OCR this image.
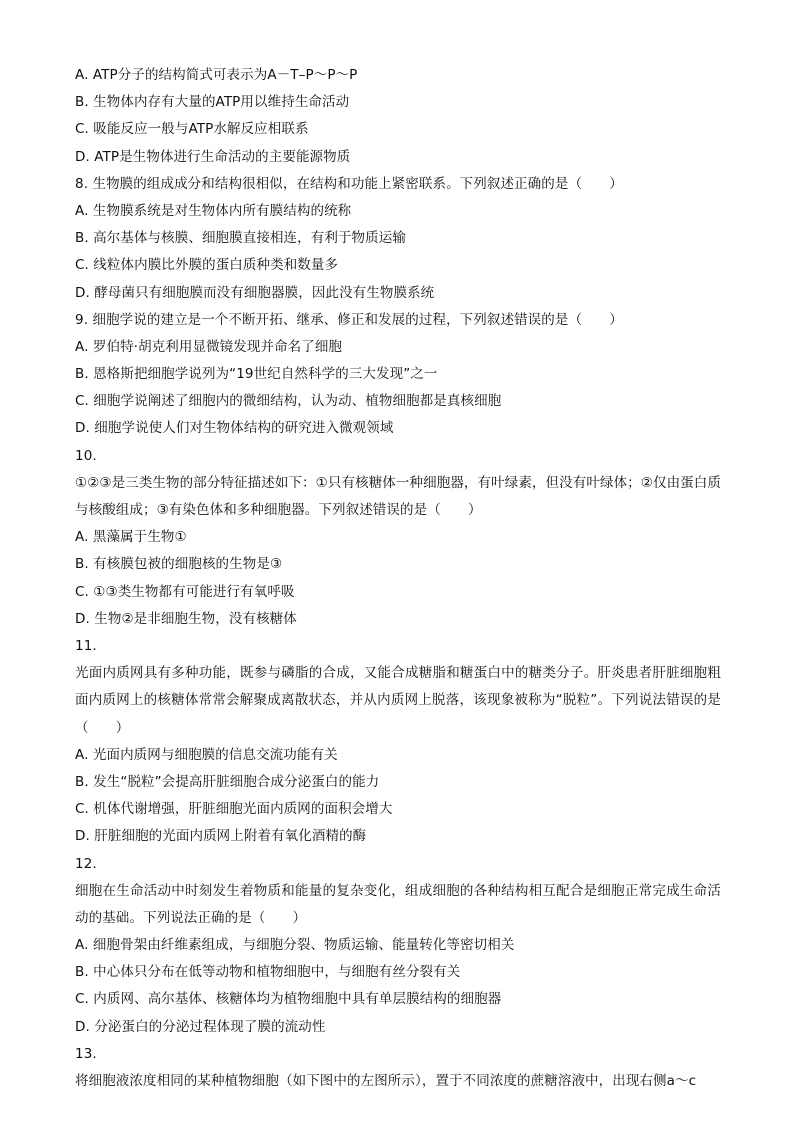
A. ATP分子的结构简式可表示为A－T–P～P～P
B. 生物体内存有大量的ATP用以维持生命活动
C. 吸能反应一般与ATP水解反应相联系
D. ATP是生物体进行生命活动的主要能源物质
8. 生物膜的组成成分和结构很相似，在结构和功能上紧密联系。下列叙述正确的是（　　）
A. 生物膜系统是对生物体内所有膜结构的统称
B. 高尔基体与核膜、细胞膜直接相连，有利于物质运输
C. 线粒体内膜比外膜的蛋白质种类和数量多
D. 酵母菌只有细胞膜而没有细胞器膜，因此没有生物膜系统
9. 细胞学说的建立是一个不断开拓、继承、修正和发展的过程，下列叙述错误的是（　　）
A. 罗伯特·胡克利用显微镜发现并命名了细胞
B. 恩格斯把细胞学说列为“19世纪自然科学的三大发现”之一
C. 细胞学说阐述了细胞内的微细结构，认为动、植物细胞都是真核细胞
D. 细胞学说使人们对生物体结构的研究进入微观领域
10.
①②③是三类生物的部分特征描述如下：①只有核糖体一种细胞器，有叶绿素，但没有叶绿体；②仅由蛋白质与核酸组成；③有染色体和多种细胞器。下列叙述错误的是（　　）
A. 黑藻属于生物①
B. 有核膜包被的细胞核的生物是③
C. ①③类生物都有可能进行有氧呼吸
D. 生物②是非细胞生物，没有核糖体
11.
光面内质网具有多种功能，既参与磷脂的合成，又能合成糖脂和糖蛋白中的糖类分子。肝炎患者肝脏细胞粗面内质网上的核糖体常常会解聚成离散状态，并从内质网上脱落，该现象被称为“脱粒”。下列说法错误的是（　　）
A. 光面内质网与细胞膜的信息交流功能有关
B. 发生“脱粒”会提高肝脏细胞合成分泌蛋白的能力
C. 机体代谢增强，肝脏细胞光面内质网的面积会增大
D. 肝脏细胞的光面内质网上附着有氧化酒精的酶
12.
细胞在生命活动中时刻发生着物质和能量的复杂变化，组成细胞的各种结构相互配合是细胞正常完成生命活动的基础。下列说法正确的是（　　）
A. 细胞骨架由纤维素组成，与细胞分裂、物质运输、能量转化等密切相关
B. 中心体只分布在低等动物和植物细胞中，与细胞有丝分裂有关
C. 内质网、高尔基体、核糖体均为植物细胞中具有单层膜结构的细胞器
D. 分泌蛋白的分泌过程体现了膜的流动性
13.
将细胞液浓度相同的某种植物细胞（如下图中的左图所示），置于不同浓度的蔗糖溶液中，出现右侧a～c
